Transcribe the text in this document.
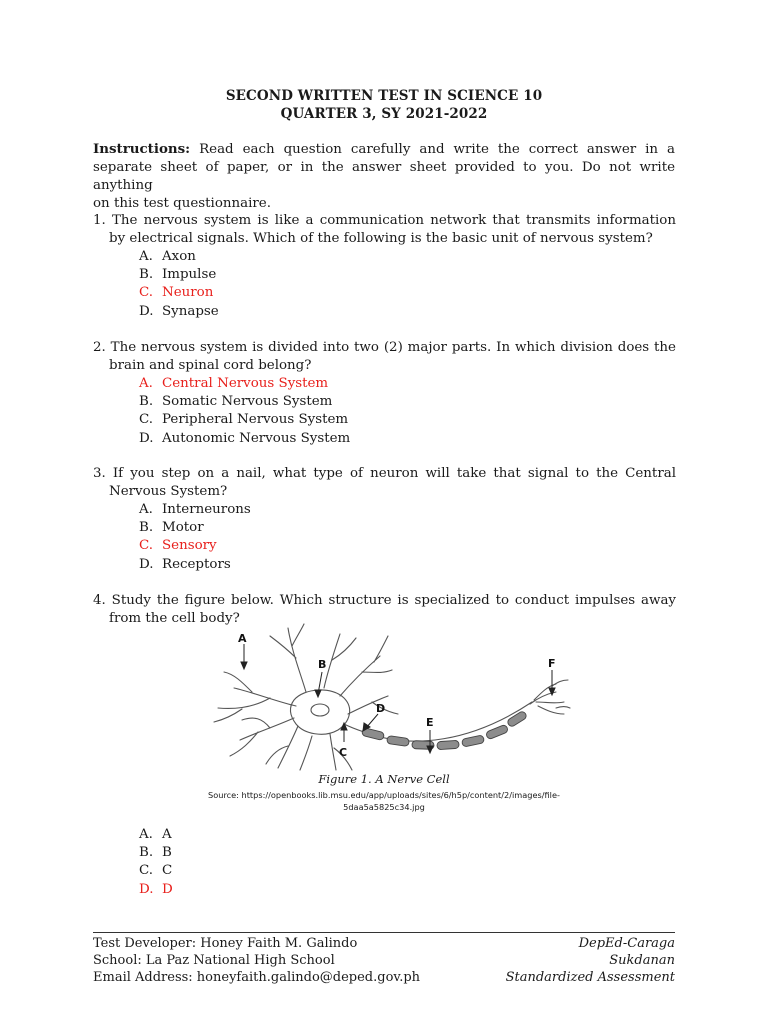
SECOND WRITTEN TEST IN SCIENCE 10
QUARTER 3, SY 2021-2022
Instructions: Read each question carefully and write the correct answer in a
separate sheet of paper, or in the answer sheet provided to you. Do not write anything
on this test questionnaire.
1. The nervous system is like a communication network that transmits information
by electrical signals. Which of the following is the basic unit of nervous system?
A. Axon
B. Impulse
C. Neuron
D. Synapse
2. The nervous system is divided into two (2) major parts. In which division does the
brain and spinal cord belong?
A. Central Nervous System
B. Somatic Nervous System
C. Peripheral Nervous System
D. Autonomic Nervous System
3. If you step on a nail, what type of neuron will take that signal to the Central
Nervous System?
A. Interneurons
B. Motor
C. Sensory
D. Receptors
4. Study the figure below. Which structure is specialized to conduct impulses away
from the cell body?
A
B
C
D
E
F
Figure 1. A Nerve Cell
Source: https://openbooks.lib.msu.edu/app/uploads/sites/6/h5p/content/2/images/file-
5daa5a5825c34.jpg
A. A
B. B
C. C
D. D
Test Developer: Honey Faith M. Galindo	DepEd-Caraga
School: La Paz National High School	Sukdanan
Email Address: honeyfaith.galindo@deped.gov.ph	Standardized Assessment
